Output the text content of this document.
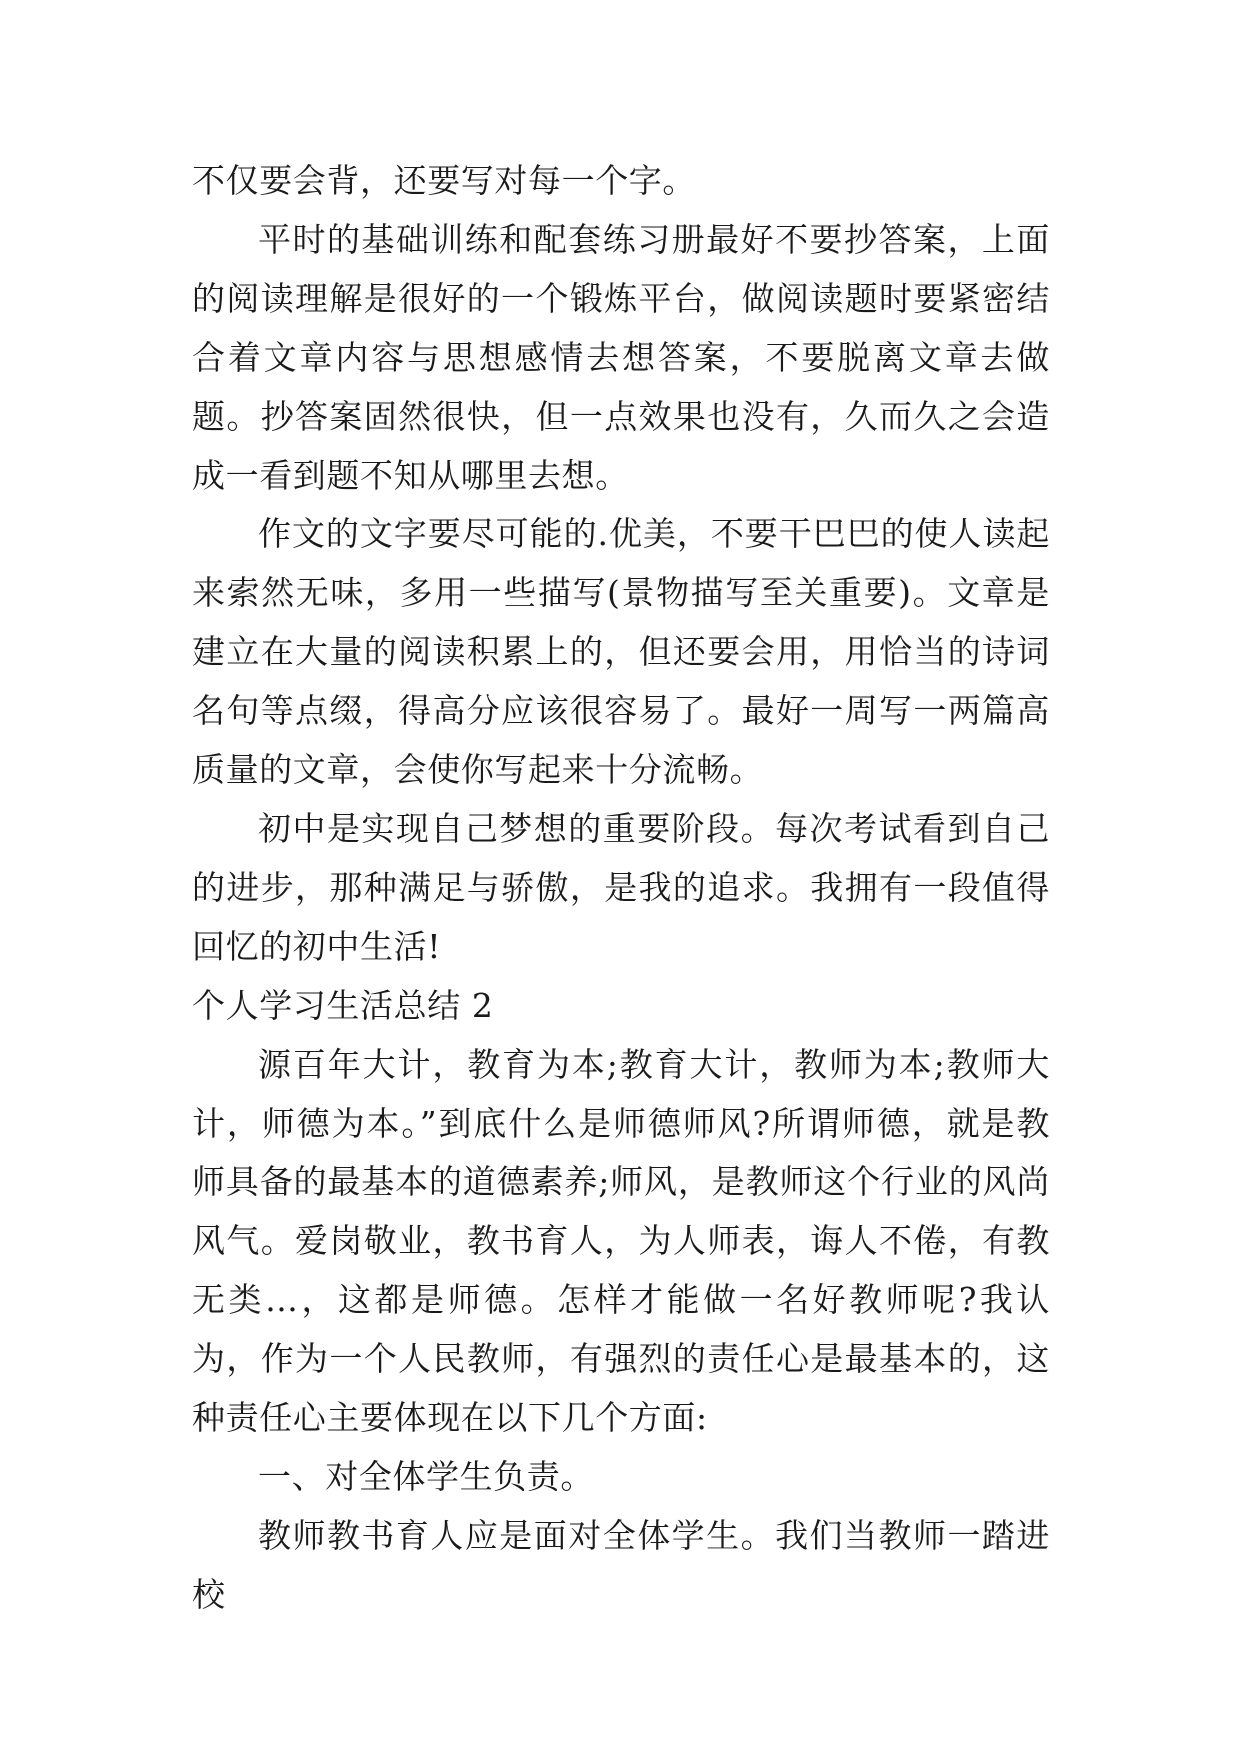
不仅要会背，还要写对每一个字。

平时的基础训练和配套练习册最好不要抄答案，上面的阅读理解是很好的一个锻炼平台，做阅读题时要紧密结合着文章内容与思想感情去想答案，不要脱离文章去做题。抄答案固然很快，但一点效果也没有，久而久之会造成一看到题不知从哪里去想。

作文的文字要尽可能的.优美，不要干巴巴的使人读起来索然无味，多用一些描写(景物描写至关重要)。文章是建立在大量的阅读积累上的，但还要会用，用恰当的诗词名句等点缀，得高分应该很容易了。最好一周写一两篇高质量的文章，会使你写起来十分流畅。

初中是实现自己梦想的重要阶段。每次考试看到自己的进步，那种满足与骄傲，是我的追求。我拥有一段值得回忆的初中生活!

个人学习生活总结 2

源百年大计，教育为本;教育大计，教师为本;教师大计，师德为本。”到底什么是师德师风?所谓师德，就是教师具备的最基本的道德素养;师风，是教师这个行业的风尚风气。爱岗敬业，教书育人，为人师表，诲人不倦，有教无类…，这都是师德。怎样才能做一名好教师呢?我认为，作为一个人民教师，有强烈的责任心是最基本的，这种责任心主要体现在以下几个方面:

一、对全体学生负责。

教师教书育人应是面对全体学生。我们当教师一踏进校
